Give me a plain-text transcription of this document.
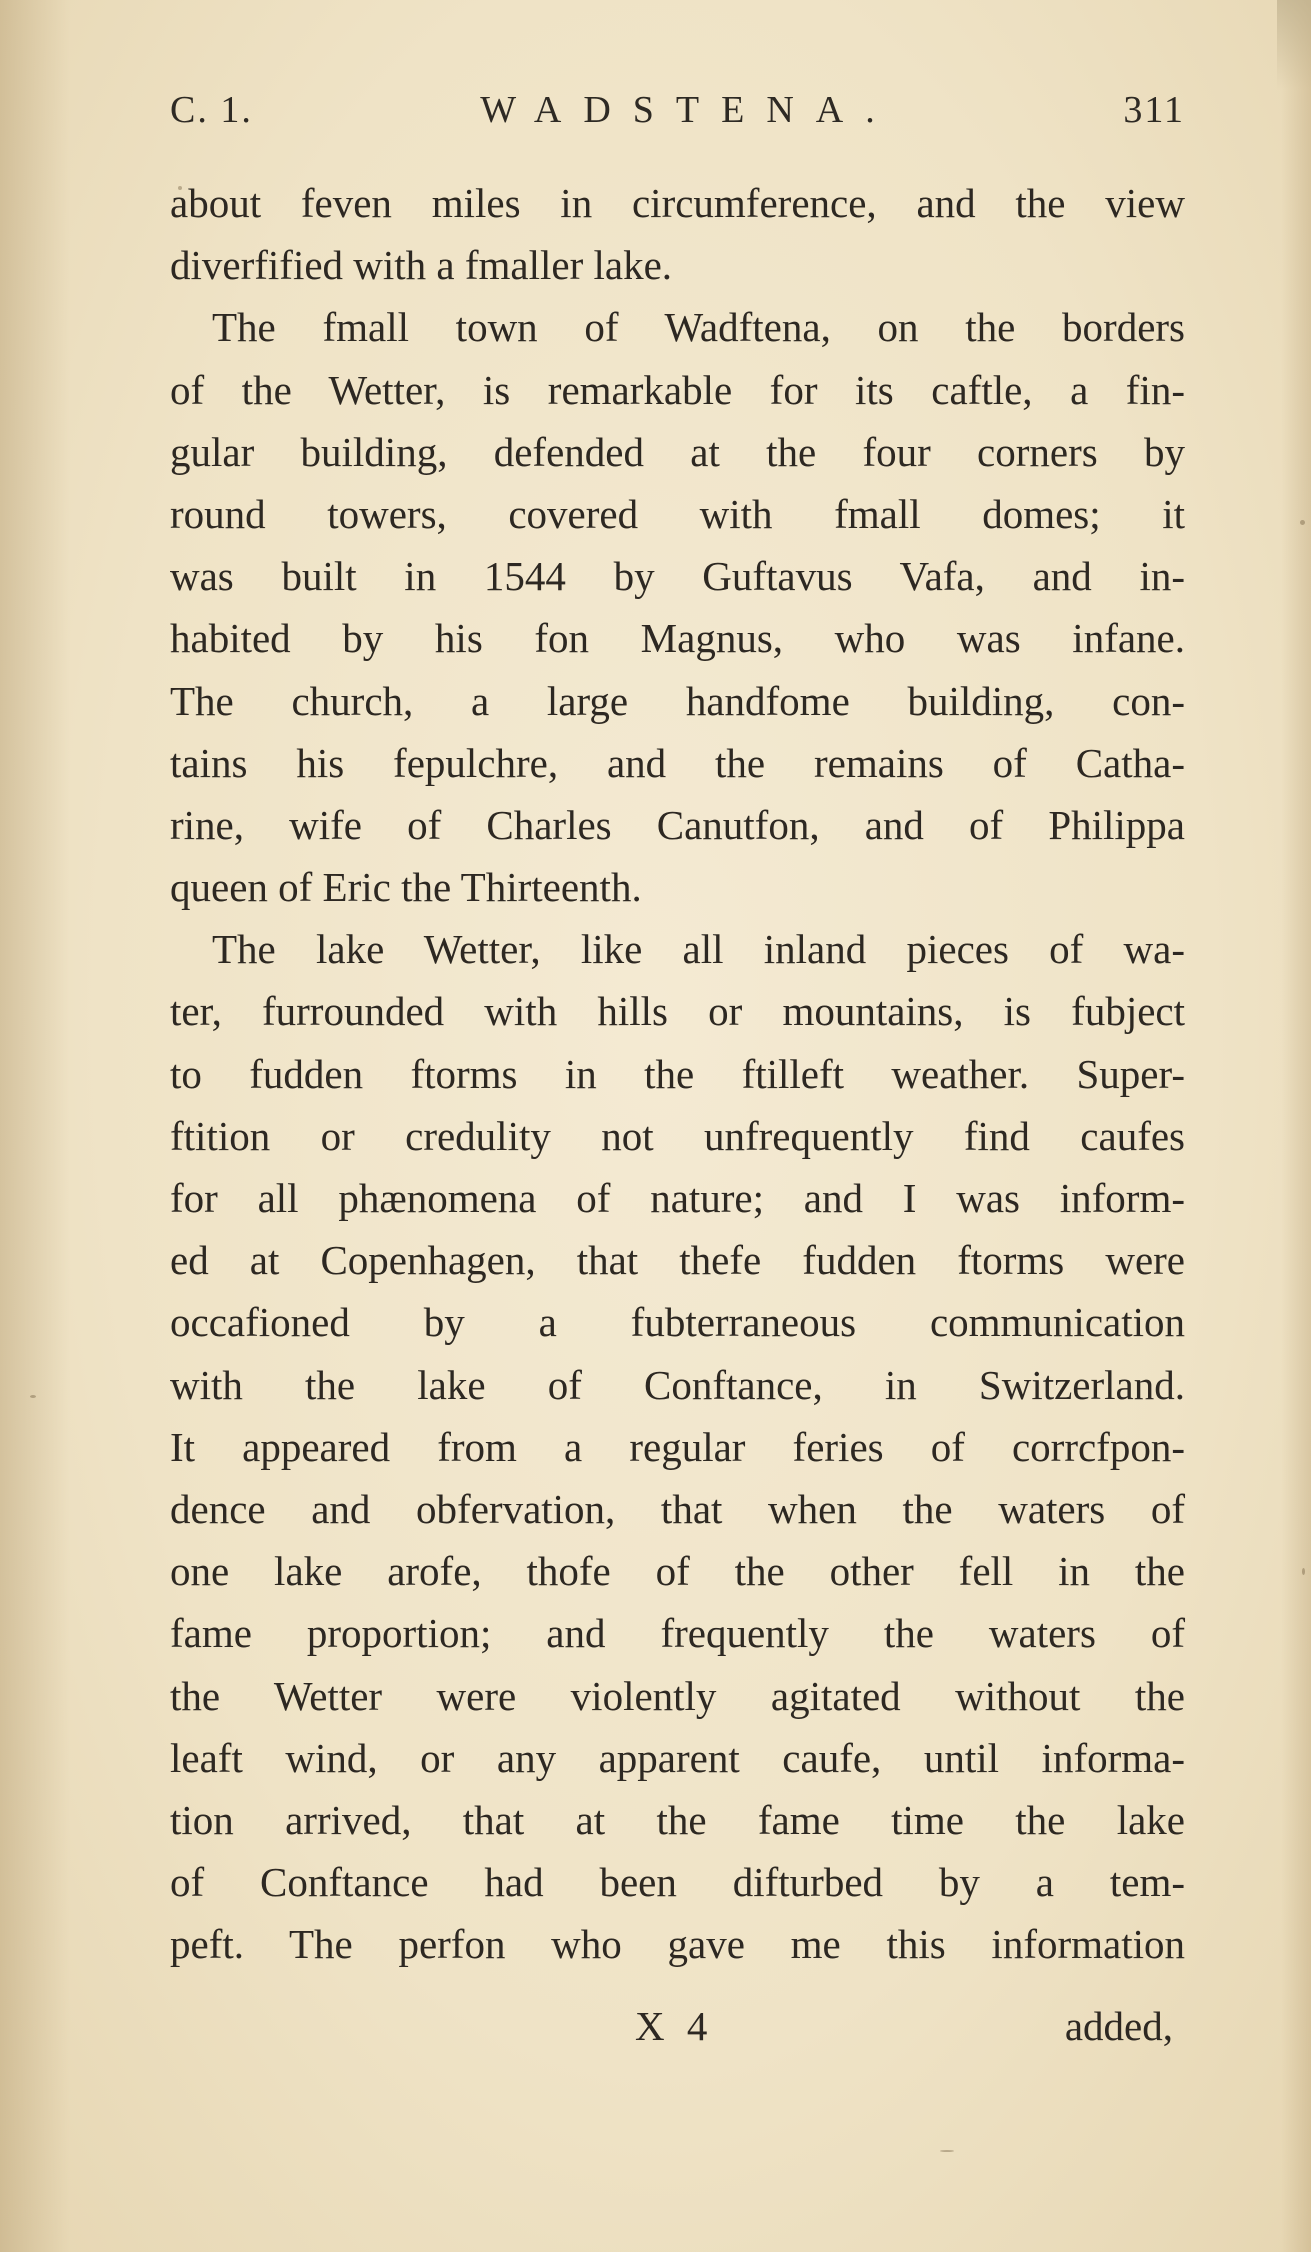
C. 1.	WADSTENA.	311
about feven miles in circumference, and the view
diverfified with a fmaller lake.
The fmall town of Wadftena, on the borders
of the Wetter, is remarkable for its caftle, a fin-
gular building, defended at the four corners by
round towers, covered with fmall domes; it
was built in 1544 by Guftavus Vafa, and in-
habited by his fon Magnus, who was infane.
The church, a large handfome building, con-
tains his fepulchre, and the remains of Catha-
rine, wife of Charles Canutfon, and of Philippa
queen of Eric the Thirteenth.
The lake Wetter, like all inland pieces of wa-
ter, furrounded with hills or mountains, is fubject
to fudden ftorms in the ftilleft weather. Super-
ftition or credulity not unfrequently find caufes
for all phænomena of nature; and I was inform-
ed at Copenhagen, that thefe fudden ftorms were
occafioned by a fubterraneous communication
with the lake of Conftance, in Switzerland.
It appeared from a regular feries of corrcfpon-
dence and obfervation, that when the waters of
one lake arofe, thofe of the other fell in the
fame proportion; and frequently the waters of
the Wetter were violently agitated without the
leaft wind, or any apparent caufe, until informa-
tion arrived, that at the fame time the lake
of Conftance had been difturbed by a tem-
peft. The perfon who gave me this information
X 4	added,
